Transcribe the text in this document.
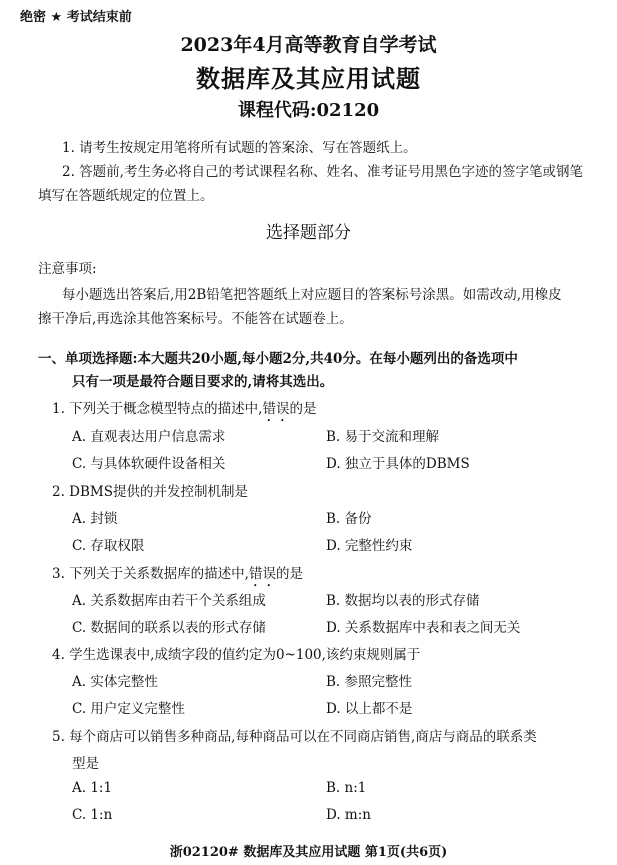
绝密 ★ 考试结束前
2023年4月高等教育自学考试
数据库及其应用试题
课程代码:02120
1. 请考生按规定用笔将所有试题的答案涂、写在答题纸上。
2. 答题前,考生务必将自己的考试课程名称、姓名、准考证号用黑色字迹的签字笔或钢笔
填写在答题纸规定的位置上。
选择题部分
注意事项:
每小题选出答案后,用2B铅笔把答题纸上对应题目的答案标号涂黑。如需改动,用橡皮
擦干净后,再选涂其他答案标号。不能答在试题卷上。
一、单项选择题:本大题共20小题,每小题2分,共40分。在每小题列出的备选项中
只有一项是最符合题目要求的,请将其选出。
1. 下列关于概念模型特点的描述中,错误的是
A. 直观表达用户信息需求	B. 易于交流和理解
C. 与具体软硬件设备相关	D. 独立于具体的DBMS
2. DBMS提供的并发控制机制是
A. 封锁	B. 备份
C. 存取权限	D. 完整性约束
3. 下列关于关系数据库的描述中,错误的是
A. 关系数据库由若干个关系组成	B. 数据均以表的形式存储
C. 数据间的联系以表的形式存储	D. 关系数据库中表和表之间无关
4. 学生选课表中,成绩字段的值约定为0~100,该约束规则属于
A. 实体完整性	B. 参照完整性
C. 用户定义完整性	D. 以上都不是
5. 每个商店可以销售多种商品,每种商品可以在不同商店销售,商店与商品的联系类
型是
A. 1:1	B. n:1
C. 1:n	D. m:n
浙02120# 数据库及其应用试题 第1页(共6页)
